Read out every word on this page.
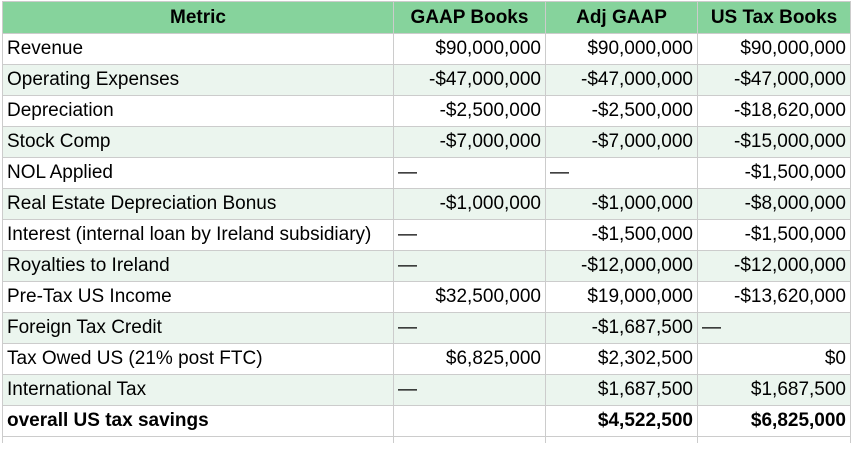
Metric	GAAP Books	Adj GAAP	US Tax Books
Revenue	$90,000,000	$90,000,000	$90,000,000
Operating Expenses	-$47,000,000	-$47,000,000	-$47,000,000
Depreciation	-$2,500,000	-$2,500,000	-$18,620,000
Stock Comp	-$7,000,000	-$7,000,000	-$15,000,000
NOL Applied	—	—	-$1,500,000
Real Estate Depreciation Bonus	-$1,000,000	-$1,000,000	-$8,000,000
Interest (internal loan by Ireland subsidiary)	—	-$1,500,000	-$1,500,000
Royalties to Ireland	—	-$12,000,000	-$12,000,000
Pre-Tax US Income	$32,500,000	$19,000,000	-$13,620,000
Foreign Tax Credit	—	-$1,687,500	—
Tax Owed US (21% post FTC)	$6,825,000	$2,302,500	$0
International Tax	—	$1,687,500	$1,687,500
overall US tax savings		$4,522,500	$6,825,000
